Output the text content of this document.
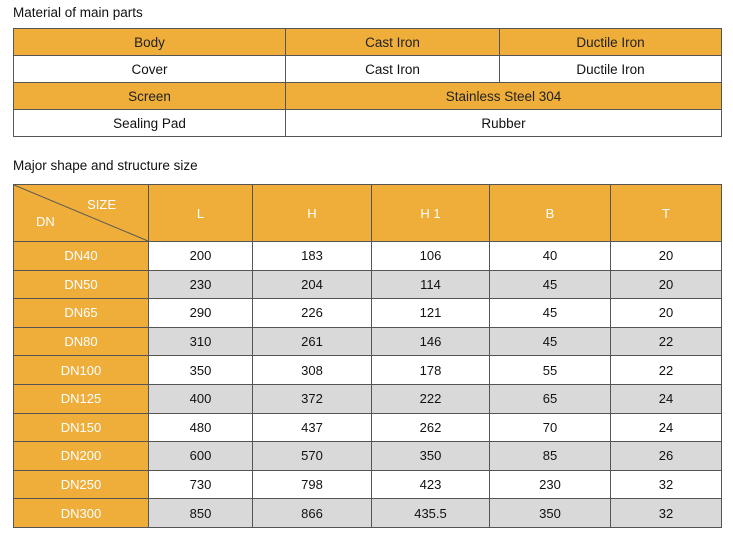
Material of main parts
Body	Cast Iron	Ductile Iron
Cover	Cast Iron	Ductile Iron
Screen	Stainless Steel 304	
Sealing Pad	Rubber	
Major shape and structure size
SIZE
DN	L	H	H 1	B	T
DN40	200	183	106	40	20
DN50	230	204	114	45	20
DN65	290	226	121	45	20
DN80	310	261	146	45	22
DN100	350	308	178	55	22
DN125	400	372	222	65	24
DN150	480	437	262	70	24
DN200	600	570	350	85	26
DN250	730	798	423	230	32
DN300	850	866	435.5	350	32
